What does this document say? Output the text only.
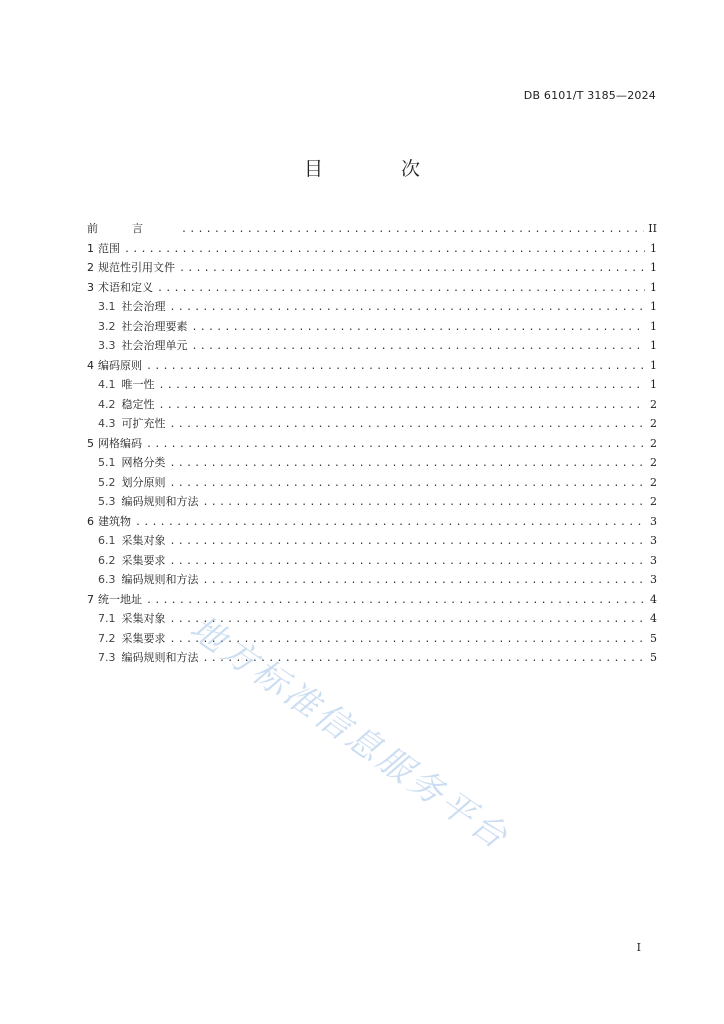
DB 6101/T 3185—2024
目 次
前言 .....	II
1 范围 .....	1
2 规范性引用文件 .....	1
3 术语和定义 .....	1
3.1 社会治理 .....	1
3.2 社会治理要素 .....	1
3.3 社会治理单元 .....	1
4 编码原则 .....	1
4.1 唯一性 .....	1
4.2 稳定性 .....	2
4.3 可扩充性 .....	2
5 网格编码 .....	2
5.1 网格分类 .....	2
5.2 划分原则 .....	2
5.3 编码规则和方法 .....	2
6 建筑物 .....	3
6.1 采集对象 .....	3
6.2 采集要求 .....	3
6.3 编码规则和方法 .....	3
7 统一地址 .....	4
7.1 采集对象 .....	4
7.2 采集要求 .....	5
7.3 编码规则和方法 .....	5
I
地方标准信息服务平台
